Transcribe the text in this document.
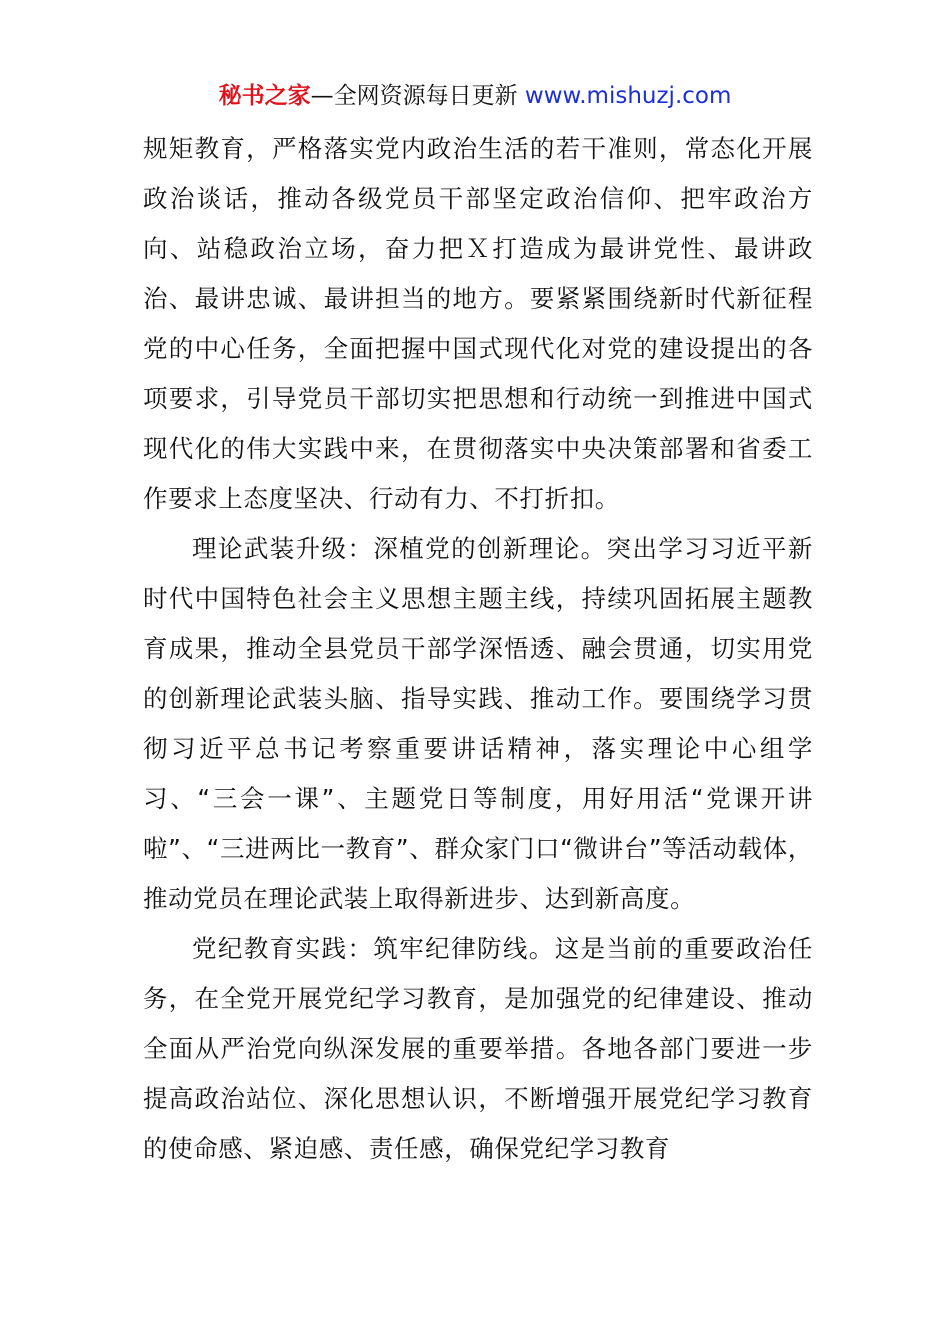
秘书之家—全网资源每日更新 www.mishuzj.com

规矩教育，严格落实党内政治生活的若干准则，常态化开展政治谈话，推动各级党员干部坚定政治信仰、把牢政治方向、站稳政治立场，奋力把Ｘ打造成为最讲党性、最讲政治、最讲忠诚、最讲担当的地方。要紧紧围绕新时代新征程党的中心任务，全面把握中国式现代化对党的建设提出的各项要求，引导党员干部切实把思想和行动统一到推进中国式现代化的伟大实践中来，在贯彻落实中央决策部署和省委工作要求上态度坚决、行动有力、不打折扣。

理论武装升级：深植党的创新理论。突出学习习近平新时代中国特色社会主义思想主题主线，持续巩固拓展主题教育成果，推动全县党员干部学深悟透、融会贯通，切实用党的创新理论武装头脑、指导实践、推动工作。要围绕学习贯彻习近平总书记考察重要讲话精神，落实理论中心组学习、“三会一课”、主题党日等制度，用好用活“党课开讲啦”、“三进两比一教育”、群众家门口“微讲台”等活动载体，推动党员在理论武装上取得新进步、达到新高度。

党纪教育实践：筑牢纪律防线。这是当前的重要政治任务，在全党开展党纪学习教育，是加强党的纪律建设、推动全面从严治党向纵深发展的重要举措。各地各部门要进一步提高政治站位、深化思想认识，不断增强开展党纪学习教育的使命感、紧迫感、责任感，确保党纪学习教育
